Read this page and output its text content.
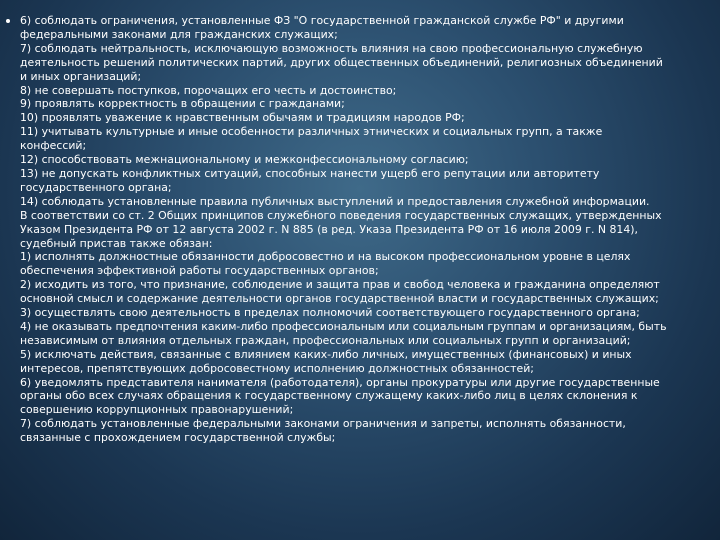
6) соблюдать ограничения, установленные ФЗ "О государственной гражданской службе РФ" и другими
федеральными законами для гражданских служащих;
7) соблюдать нейтральность, исключающую возможность влияния на свою профессиональную служебную
деятельность решений политических партий, других общественных объединений, религиозных объединений
и иных организаций;
8) не совершать поступков, порочащих его честь и достоинство;
9) проявлять корректность в обращении с гражданами;
10) проявлять уважение к нравственным обычаям и традициям народов РФ;
11) учитывать культурные и иные особенности различных этнических и социальных групп, а также
конфессий;
12) способствовать межнациональному и межконфессиональному согласию;
13) не допускать конфликтных ситуаций, способных нанести ущерб его репутации или авторитету
государственного органа;
14) соблюдать установленные правила публичных выступлений и предоставления служебной информации.
В соответствии со ст. 2 Общих принципов служебного поведения государственных служащих, утвержденных
Указом Президента РФ от 12 августа 2002 г. N 885 (в ред. Указа Президента РФ от 16 июля 2009 г. N 814),
судебный пристав также обязан:
1) исполнять должностные обязанности добросовестно и на высоком профессиональном уровне в целях
обеспечения эффективной работы государственных органов;
2) исходить из того, что признание, соблюдение и защита прав и свобод человека и гражданина определяют
основной смысл и содержание деятельности органов государственной власти и государственных служащих;
3) осуществлять свою деятельность в пределах полномочий соответствующего государственного органа;
4) не оказывать предпочтения каким-либо профессиональным или социальным группам и организациям, быть
независимым от влияния отдельных граждан, профессиональных или социальных групп и организаций;
5) исключать действия, связанные с влиянием каких-либо личных, имущественных (финансовых) и иных
интересов, препятствующих добросовестному исполнению должностных обязанностей;
6) уведомлять представителя нанимателя (работодателя), органы прокуратуры или другие государственные
органы обо всех случаях обращения к государственному служащему каких-либо лиц в целях склонения к
совершению коррупционных правонарушений;
7) соблюдать установленные федеральными законами ограничения и запреты, исполнять обязанности,
связанные с прохождением государственной службы;
